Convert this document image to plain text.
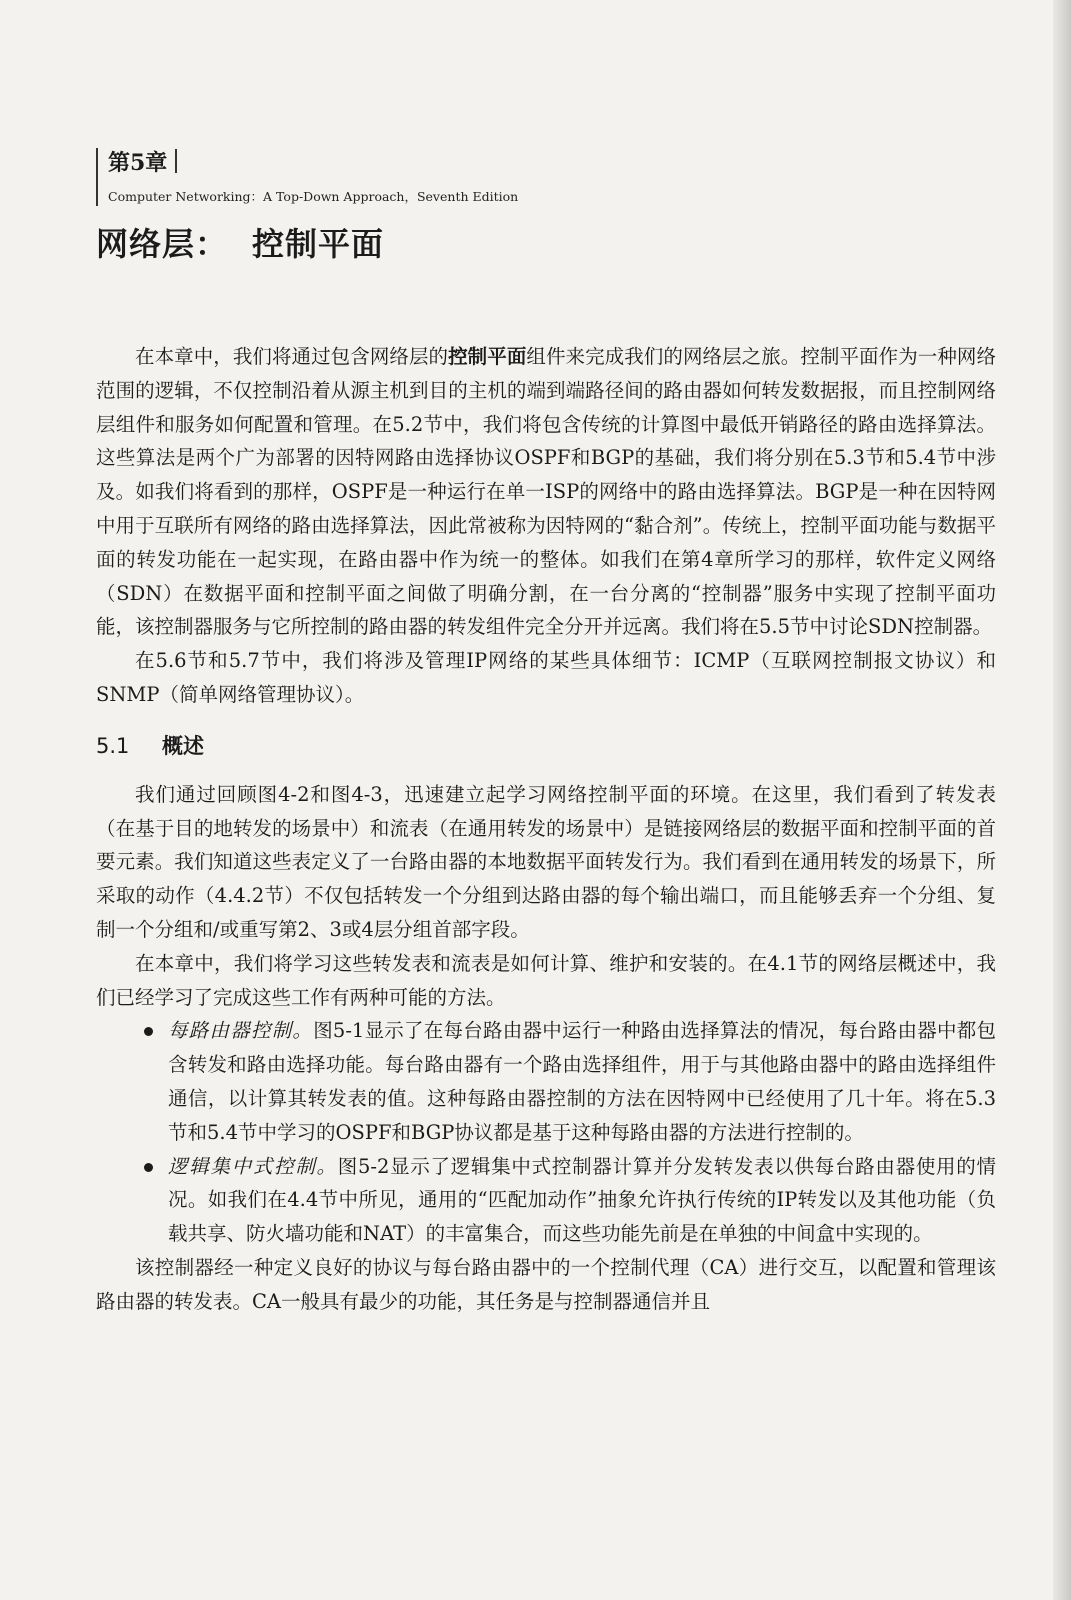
第5章
Computer Networking：A Top-Down Approach，Seventh Edition
网络层： 控制平面

在本章中，我们将通过包含网络层的控制平面组件来完成我们的网络层之旅。控制平面作为一种网络范围的逻辑，不仅控制沿着从源主机到目的主机的端到端路径间的路由器如何转发数据报，而且控制网络层组件和服务如何配置和管理。在5.2节中，我们将包含传统的计算图中最低开销路径的路由选择算法。这些算法是两个广为部署的因特网路由选择协议OSPF和BGP的基础，我们将分别在5.3节和5.4节中涉及。如我们将看到的那样，OSPF是一种运行在单一ISP的网络中的路由选择算法。BGP是一种在因特网中用于互联所有网络的路由选择算法，因此常被称为因特网的“黏合剂”。传统上，控制平面功能与数据平面的转发功能在一起实现，在路由器中作为统一的整体。如我们在第4章所学习的那样，软件定义网络（SDN）在数据平面和控制平面之间做了明确分割，在一台分离的“控制器”服务中实现了控制平面功能，该控制器服务与它所控制的路由器的转发组件完全分开并远离。我们将在5.5节中讨论SDN控制器。

在5.6节和5.7节中，我们将涉及管理IP网络的某些具体细节：ICMP（互联网控制报文协议）和SNMP（简单网络管理协议）。

5.1 概述

我们通过回顾图4-2和图4-3，迅速建立起学习网络控制平面的环境。在这里，我们看到了转发表（在基于目的地转发的场景中）和流表（在通用转发的场景中）是链接网络层的数据平面和控制平面的首要元素。我们知道这些表定义了一台路由器的本地数据平面转发行为。我们看到在通用转发的场景下，所采取的动作（4.4.2节）不仅包括转发一个分组到达路由器的每个输出端口，而且能够丢弃一个分组、复制一个分组和/或重写第2、3或4层分组首部字段。

在本章中，我们将学习这些转发表和流表是如何计算、维护和安装的。在4.1节的网络层概述中，我们已经学习了完成这些工作有两种可能的方法。

每路由器控制。图5-1显示了在每台路由器中运行一种路由选择算法的情况，每台路由器中都包含转发和路由选择功能。每台路由器有一个路由选择组件，用于与其他路由器中的路由选择组件通信，以计算其转发表的值。这种每路由器控制的方法在因特网中已经使用了几十年。将在5.3节和5.4节中学习的OSPF和BGP协议都是基于这种每路由器的方法进行控制的。
逻辑集中式控制。图5-2显示了逻辑集中式控制器计算并分发转发表以供每台路由器使用的情况。如我们在4.4节中所见，通用的“匹配加动作”抽象允许执行传统的IP转发以及其他功能（负载共享、防火墙功能和NAT）的丰富集合，而这些功能先前是在单独的中间盒中实现的。

该控制器经一种定义良好的协议与每台路由器中的一个控制代理（CA）进行交互，以配置和管理该路由器的转发表。CA一般具有最少的功能，其任务是与控制器通信并且
